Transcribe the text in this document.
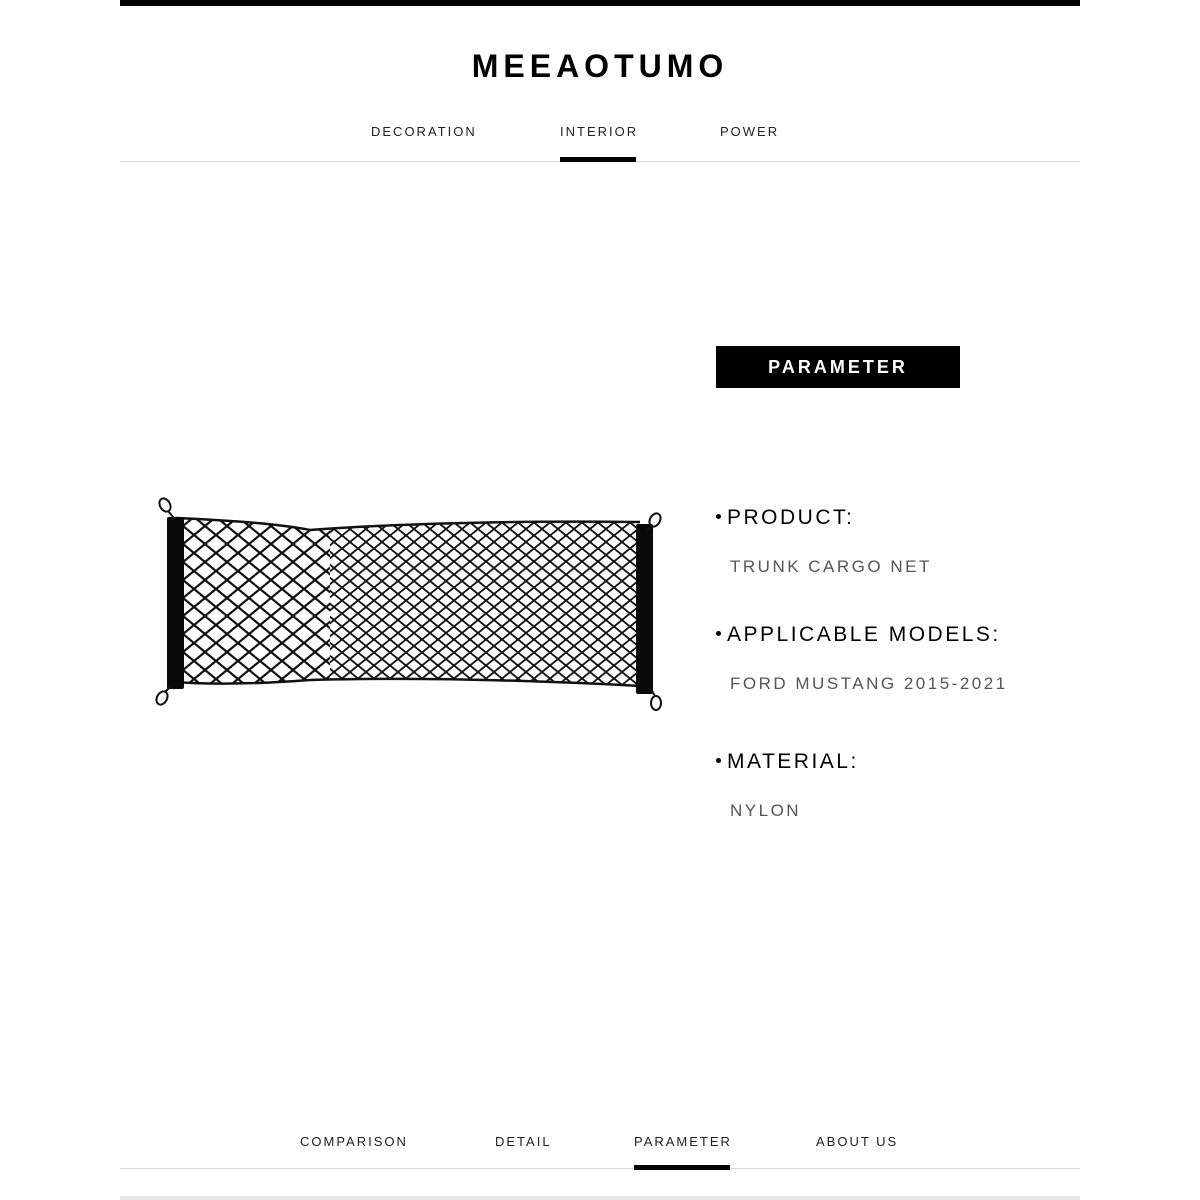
MEEAOTUMO
DECORATION	INTERIOR	POWER
PARAMETER
PRODUCT:
TRUNK CARGO NET
APPLICABLE MODELS:
FORD MUSTANG 2015-2021
MATERIAL:
NYLON
COMPARISON	DETAIL	PARAMETER	ABOUT US
